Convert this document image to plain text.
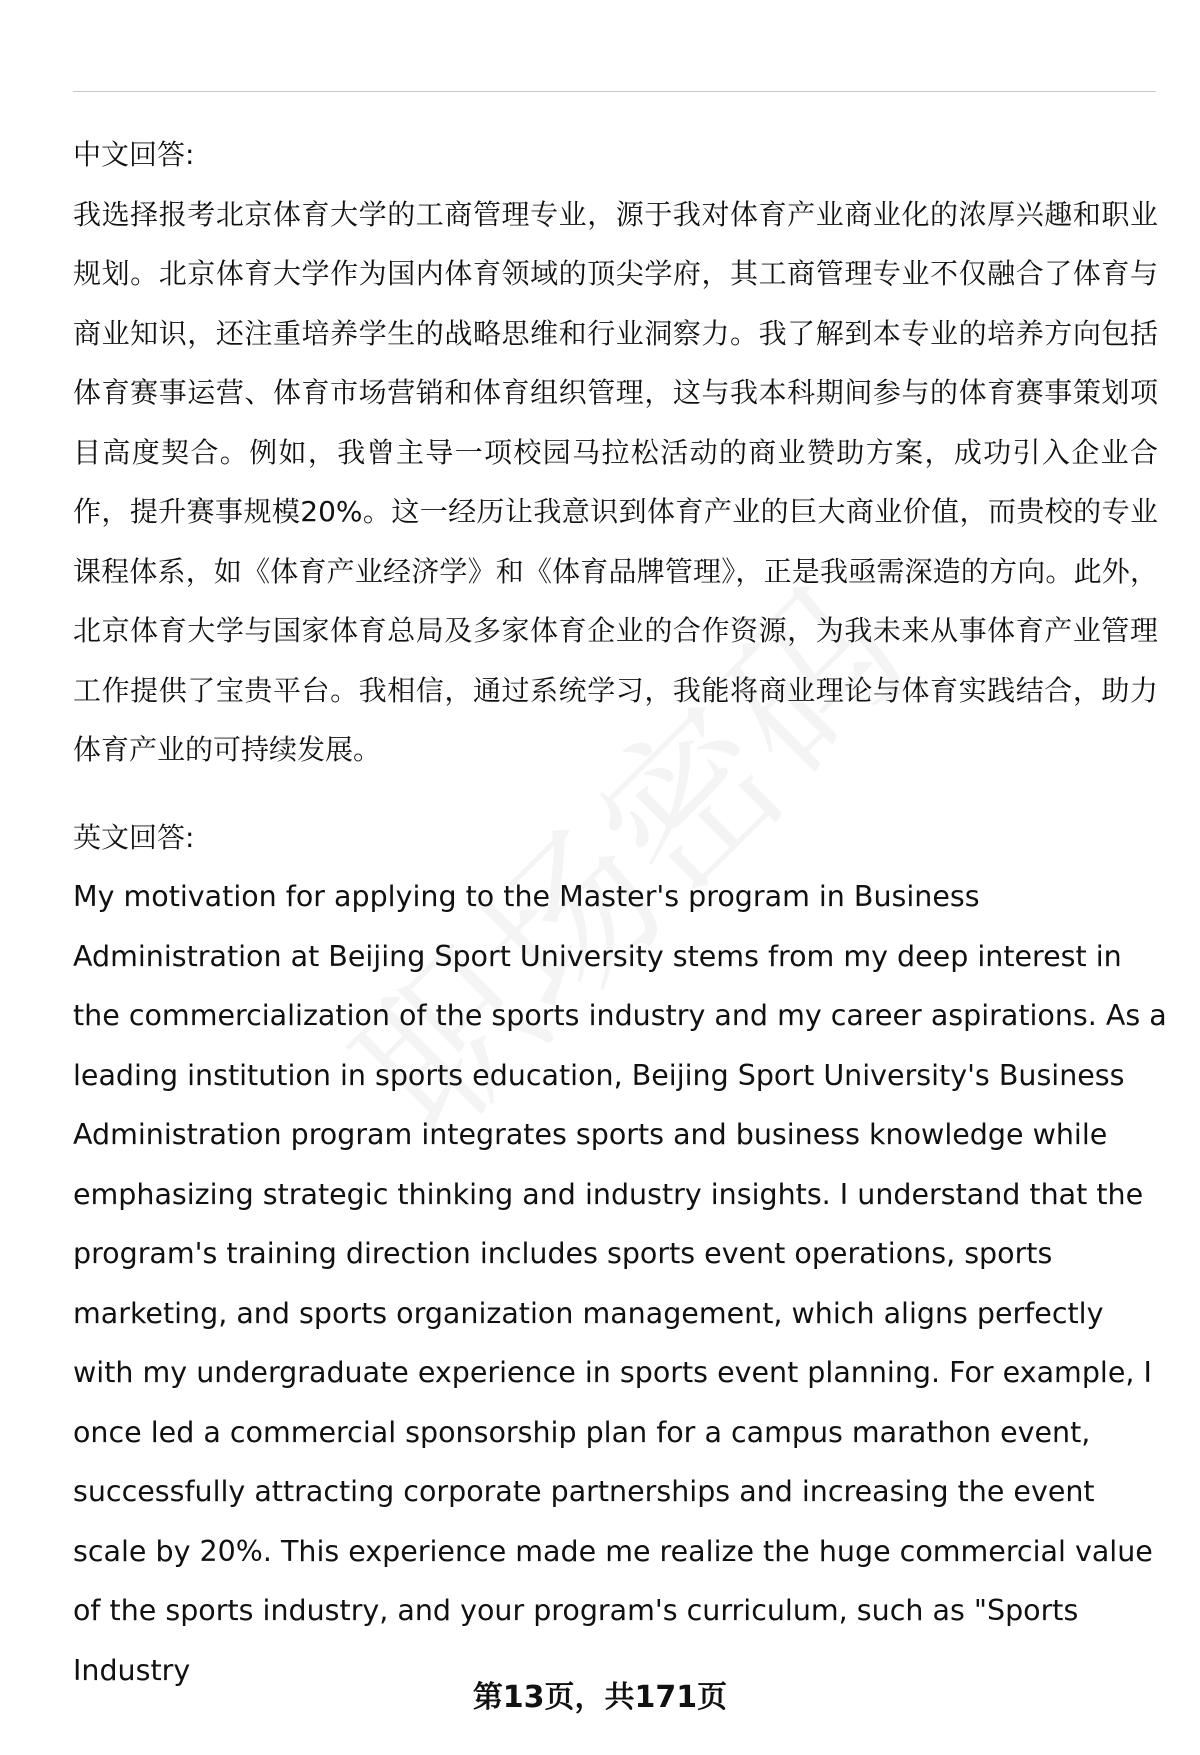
中文回答:

我选择报考北京体育大学的工商管理专业，源于我对体育产业商业化的浓厚兴趣和职业规划。北京体育大学作为国内体育领域的顶尖学府，其工商管理专业不仅融合了体育与商业知识，还注重培养学生的战略思维和行业洞察力。我了解到本专业的培养方向包括体育赛事运营、体育市场营销和体育组织管理，这与我本科期间参与的体育赛事策划项目高度契合。例如，我曾主导一项校园马拉松活动的商业赞助方案，成功引入企业合作，提升赛事规模20%。这一经历让我意识到体育产业的巨大商业价值，而贵校的专业课程体系，如《体育产业经济学》和《体育品牌管理》，正是我亟需深造的方向。此外，北京体育大学与国家体育总局及多家体育企业的合作资源，为我未来从事体育产业管理工作提供了宝贵平台。我相信，通过系统学习，我能将商业理论与体育实践结合，助力体育产业的可持续发展。

英文回答:

My motivation for applying to the Master's program in Business Administration at Beijing Sport University stems from my deep interest in the commercialization of the sports industry and my career aspirations. As a leading institution in sports education, Beijing Sport University's Business Administration program integrates sports and business knowledge while emphasizing strategic thinking and industry insights. I understand that the program's training direction includes sports event operations, sports marketing, and sports organization management, which aligns perfectly with my undergraduate experience in sports event planning. For example, I once led a commercial sponsorship plan for a campus marathon event, successfully attracting corporate partnerships and increasing the event scale by 20%. This experience made me realize the huge commercial value of the sports industry, and your program's curriculum, such as "Sports Industry

第13页，共171页
